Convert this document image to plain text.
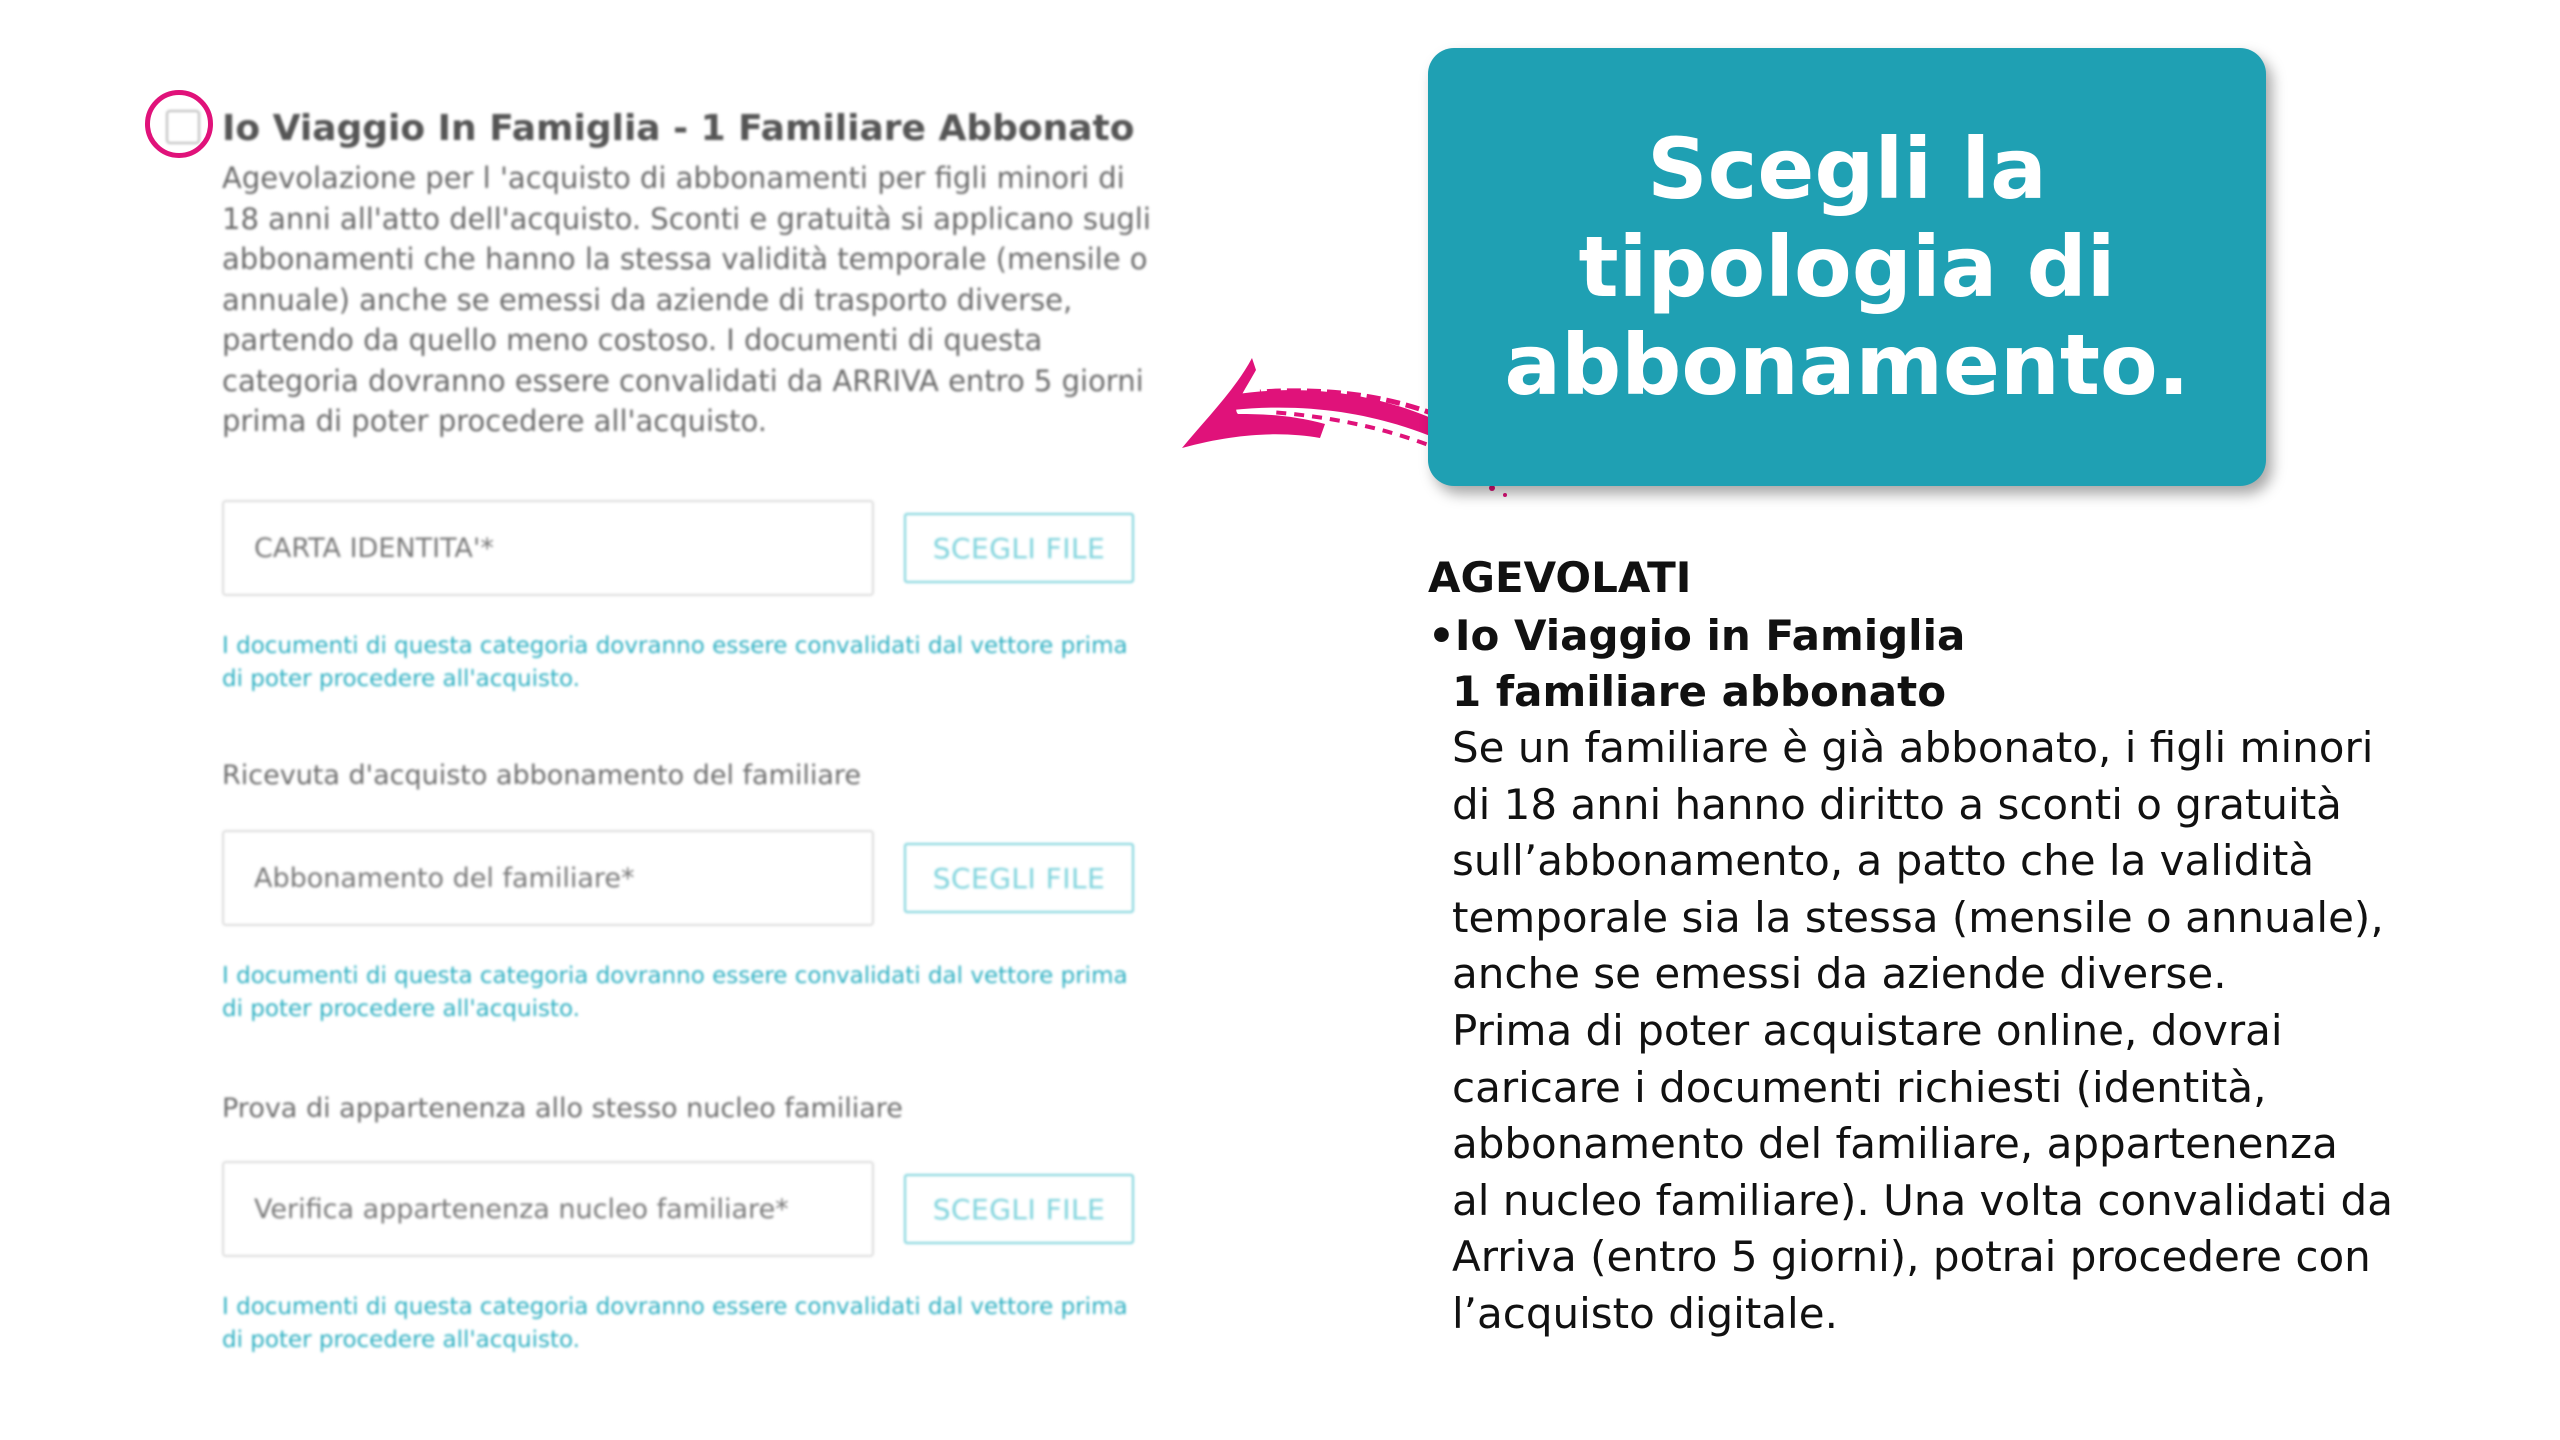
Io Viaggio In Famiglia - 1 Familiare Abbonato

Agevolazione per l 'acquisto di abbonamenti per figli minori di 18 anni all'atto dell'acquisto. Sconti e gratuità si applicano sugli abbonamenti che hanno la stessa validità temporale (mensile o annuale) anche se emessi da aziende di trasporto diverse, partendo da quello meno costoso. I documenti di questa categoria dovranno essere convalidati da ARRIVA entro 5 giorni prima di poter procedere all'acquisto.

CARTA IDENTITA'*	SCEGLI FILE

I documenti di questa categoria dovranno essere convalidati dal vettore prima di poter procedere all'acquisto.

Ricevuta d'acquisto abbonamento del familiare

Abbonamento del familiare*	SCEGLI FILE

I documenti di questa categoria dovranno essere convalidati dal vettore prima di poter procedere all'acquisto.

Prova di appartenenza allo stesso nucleo familiare

Verifica appartenenza nucleo familiare*	SCEGLI FILE

I documenti di questa categoria dovranno essere convalidati dal vettore prima di poter procedere all'acquisto.

Scegli la tipologia di abbonamento.

AGEVOLATI

•Io Viaggio in Famiglia

1 familiare abbonato

Se un familiare è già abbonato, i figli minori

di 18 anni hanno diritto a sconti o gratuità

sull’abbonamento, a patto che la validità

temporale sia la stessa (mensile o annuale),

anche se emessi da aziende diverse.

Prima di poter acquistare online, dovrai

caricare i documenti richiesti (identità,

abbonamento del familiare, appartenenza

al nucleo familiare). Una volta convalidati da

Arriva (entro 5 giorni), potrai procedere con

l’acquisto digitale.
